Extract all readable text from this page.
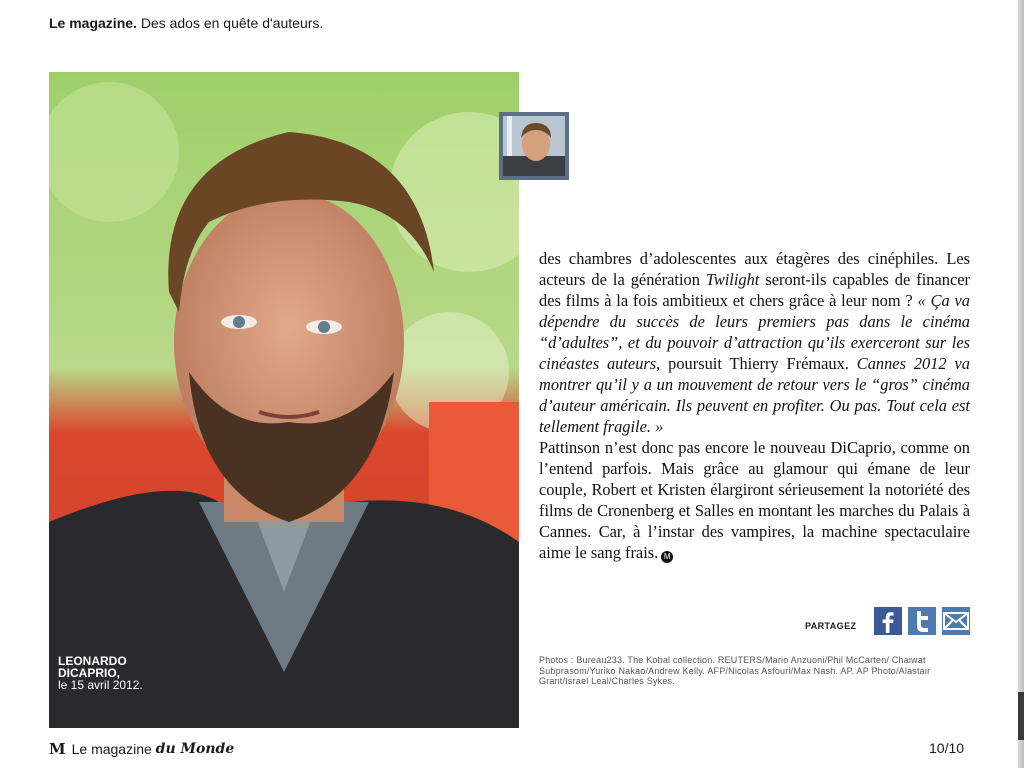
Le magazine. Des ados en quête d'auteurs.
LEONARDO
DICAPRIO,
le 15 avril 2012.

des chambres d’adolescentes aux étagères des cinéphiles. Les acteurs de la génération Twilight seront-ils capables de financer des films à la fois ambitieux et chers grâce à leur nom ? « Ça va dépendre du succès de leurs premiers pas dans le cinéma “d’adultes”, et du pouvoir d’attraction qu’ils exerceront sur les cinéastes auteurs, poursuit Thierry Frémaux. Cannes 2012 va montrer qu’il y a un mouvement de retour vers le “gros” cinéma d’auteur américain. Ils peuvent en profiter. Ou pas. Tout cela est tellement fragile. »

Pattinson n’est donc pas encore le nouveau DiCaprio, comme on l’entend parfois. Mais grâce au glamour qui émane de leur couple, Robert et Kristen élargiront sérieusement la notoriété des films de Cronenberg et Salles en montant les marches du Palais à Cannes. Car, à l’instar des vampires, la machine spectaculaire aime le sang frais. M

PARTAGEZ
Photos : Bureau233. The Kobal collection. REUTERS/Mario Anzuoni/Phil McCarten/ Chaiwat Subprasom/Yuriko Nakao/Andrew Kelly. AFP/Nicolas Asfouri/Max Nash. AP. AP Photo/Alastair Grant/Israel Leal/Charles Sykes.
M Le magazine
du Monde	10/10
